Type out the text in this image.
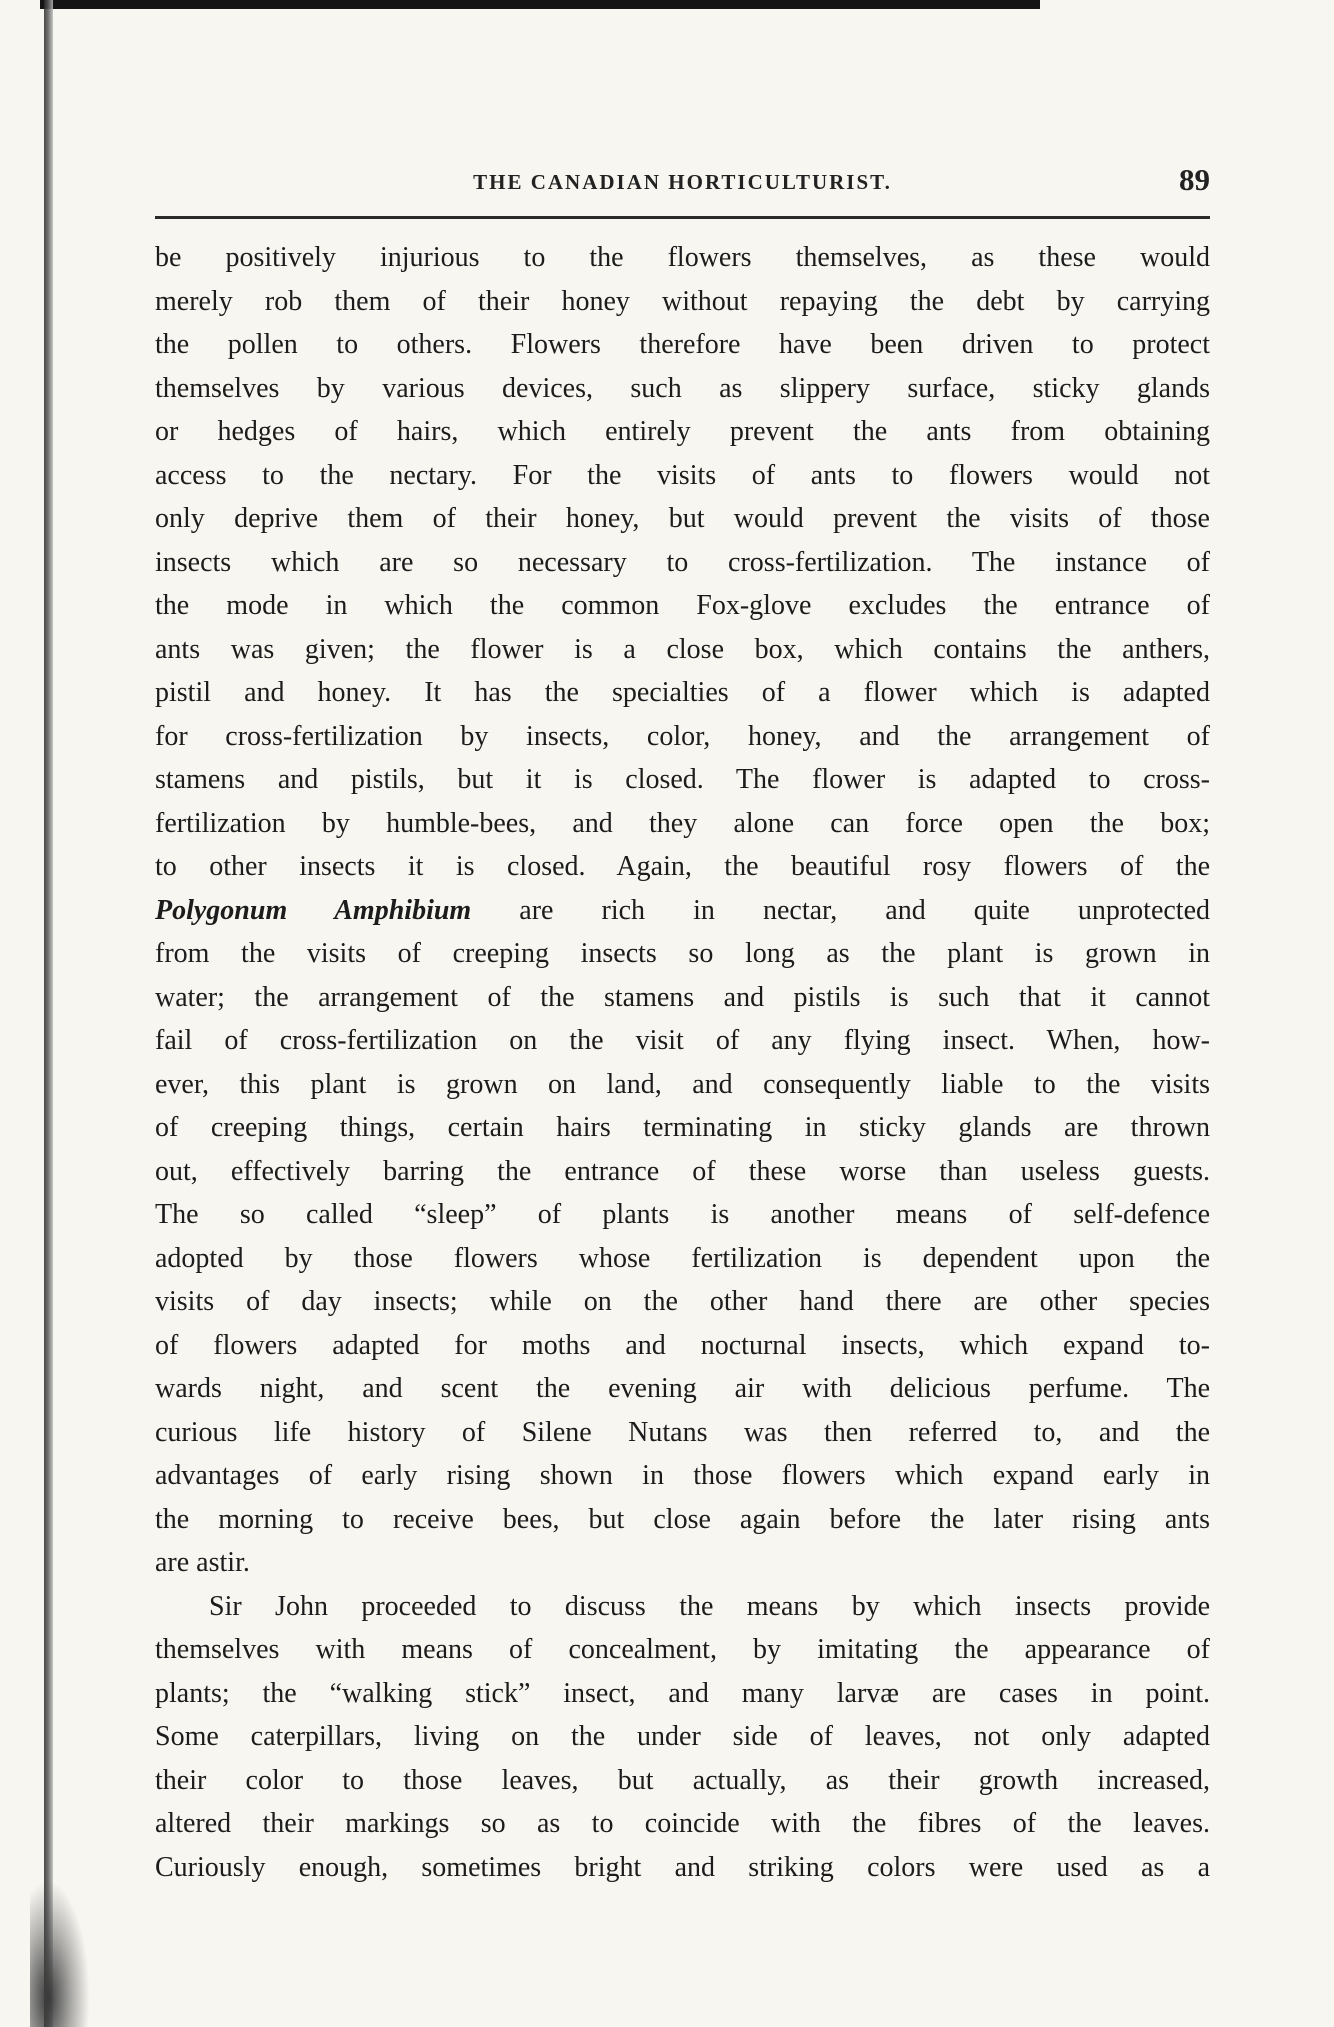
THE CANADIAN HORTICULTURIST.	89
be positively injurious to the flowers themselves, as these would
merely rob them of their honey without repaying the debt by carrying
the pollen to others. Flowers therefore have been driven to protect
themselves by various devices, such as slippery surface, sticky glands
or hedges of hairs, which entirely prevent the ants from obtaining
access to the nectary. For the visits of ants to flowers would not
only deprive them of their honey, but would prevent the visits of those
insects which are so necessary to cross-fertilization. The instance of
the mode in which the common Fox-glove excludes the entrance of
ants was given; the flower is a close box, which contains the anthers,
pistil and honey. It has the specialties of a flower which is adapted
for cross-fertilization by insects, color, honey, and the arrangement of
stamens and pistils, but it is closed. The flower is adapted to cross-
fertilization by humble-bees, and they alone can force open the box;
to other insects it is closed. Again, the beautiful rosy flowers of the
Polygonum Amphibium are rich in nectar, and quite unprotected
from the visits of creeping insects so long as the plant is grown in
water; the arrangement of the stamens and pistils is such that it cannot
fail of cross-fertilization on the visit of any flying insect. When, how-
ever, this plant is grown on land, and consequently liable to the visits
of creeping things, certain hairs terminating in sticky glands are thrown
out, effectively barring the entrance of these worse than useless guests.
The so called “sleep” of plants is another means of self-defence
adopted by those flowers whose fertilization is dependent upon the
visits of day insects; while on the other hand there are other species
of flowers adapted for moths and nocturnal insects, which expand to-
wards night, and scent the evening air with delicious perfume. The
curious life history of Silene Nutans was then referred to, and the
advantages of early rising shown in those flowers which expand early in
the morning to receive bees, but close again before the later rising ants
are astir.
Sir John proceeded to discuss the means by which insects provide
themselves with means of concealment, by imitating the appearance of
plants; the “walking stick” insect, and many larvæ are cases in point.
Some caterpillars, living on the under side of leaves, not only adapted
their color to those leaves, but actually, as their growth increased,
altered their markings so as to coincide with the fibres of the leaves.
Curiously enough, sometimes bright and striking colors were used as a
